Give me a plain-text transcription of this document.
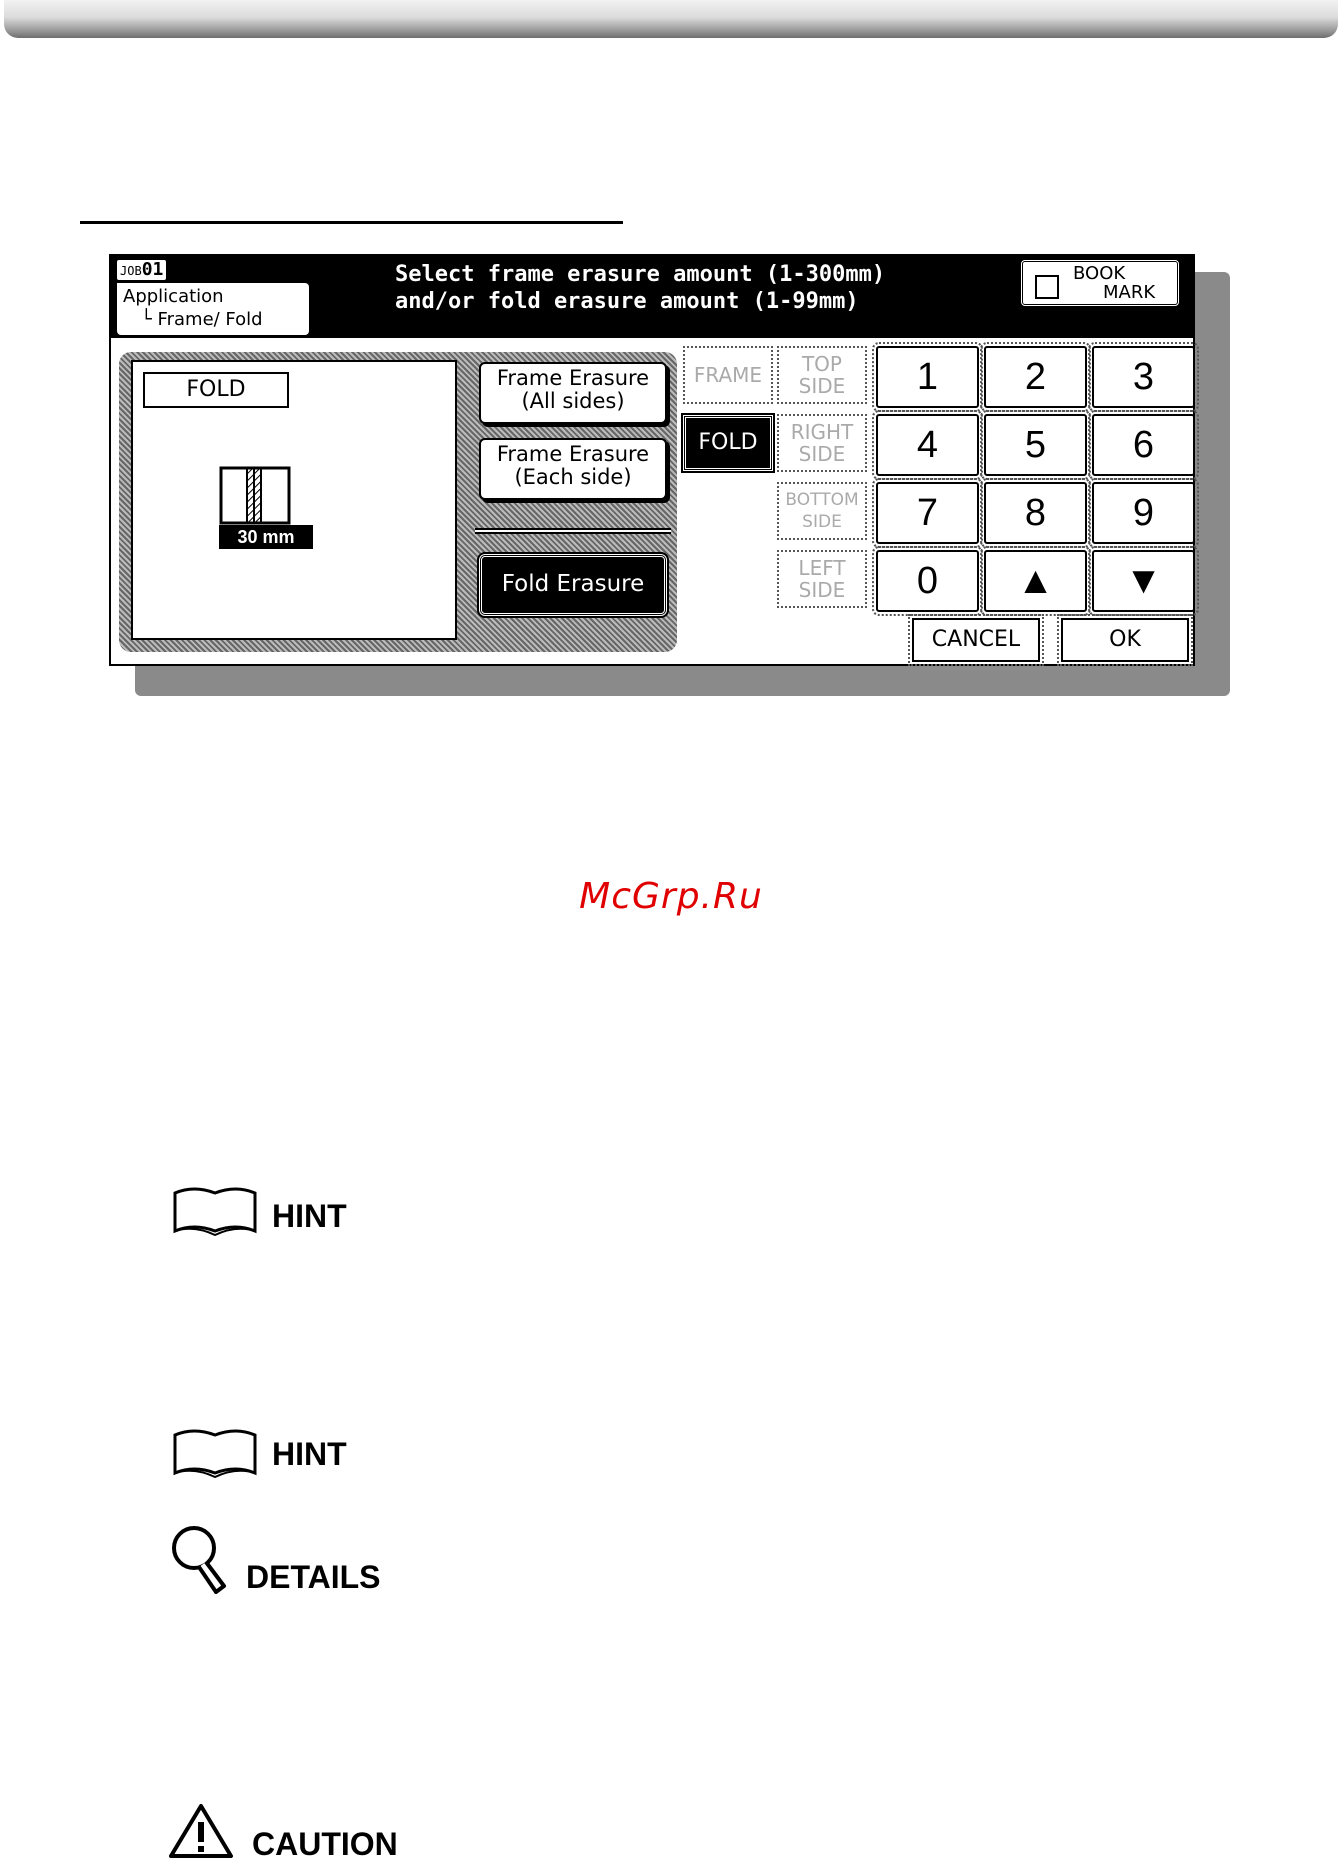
JOB01
Application
└ Frame/ Fold
Select frame erasure amount (1-300mm)
and/or fold erasure amount (1-99mm)
BOOK
MARK
FOLD
30 mm
Frame Erasure
(All sides)
Frame Erasure
(Each side)
Fold Erasure
FRAME
FOLD
TOP
SIDE
RIGHT
SIDE
BOTTOM
SIDE
LEFT
SIDE
1	2	3
4	5	6
7	8	9
0	▲	▼
CANCEL	OK
McGrp.Ru
HINT
HINT
DETAILS
CAUTION
